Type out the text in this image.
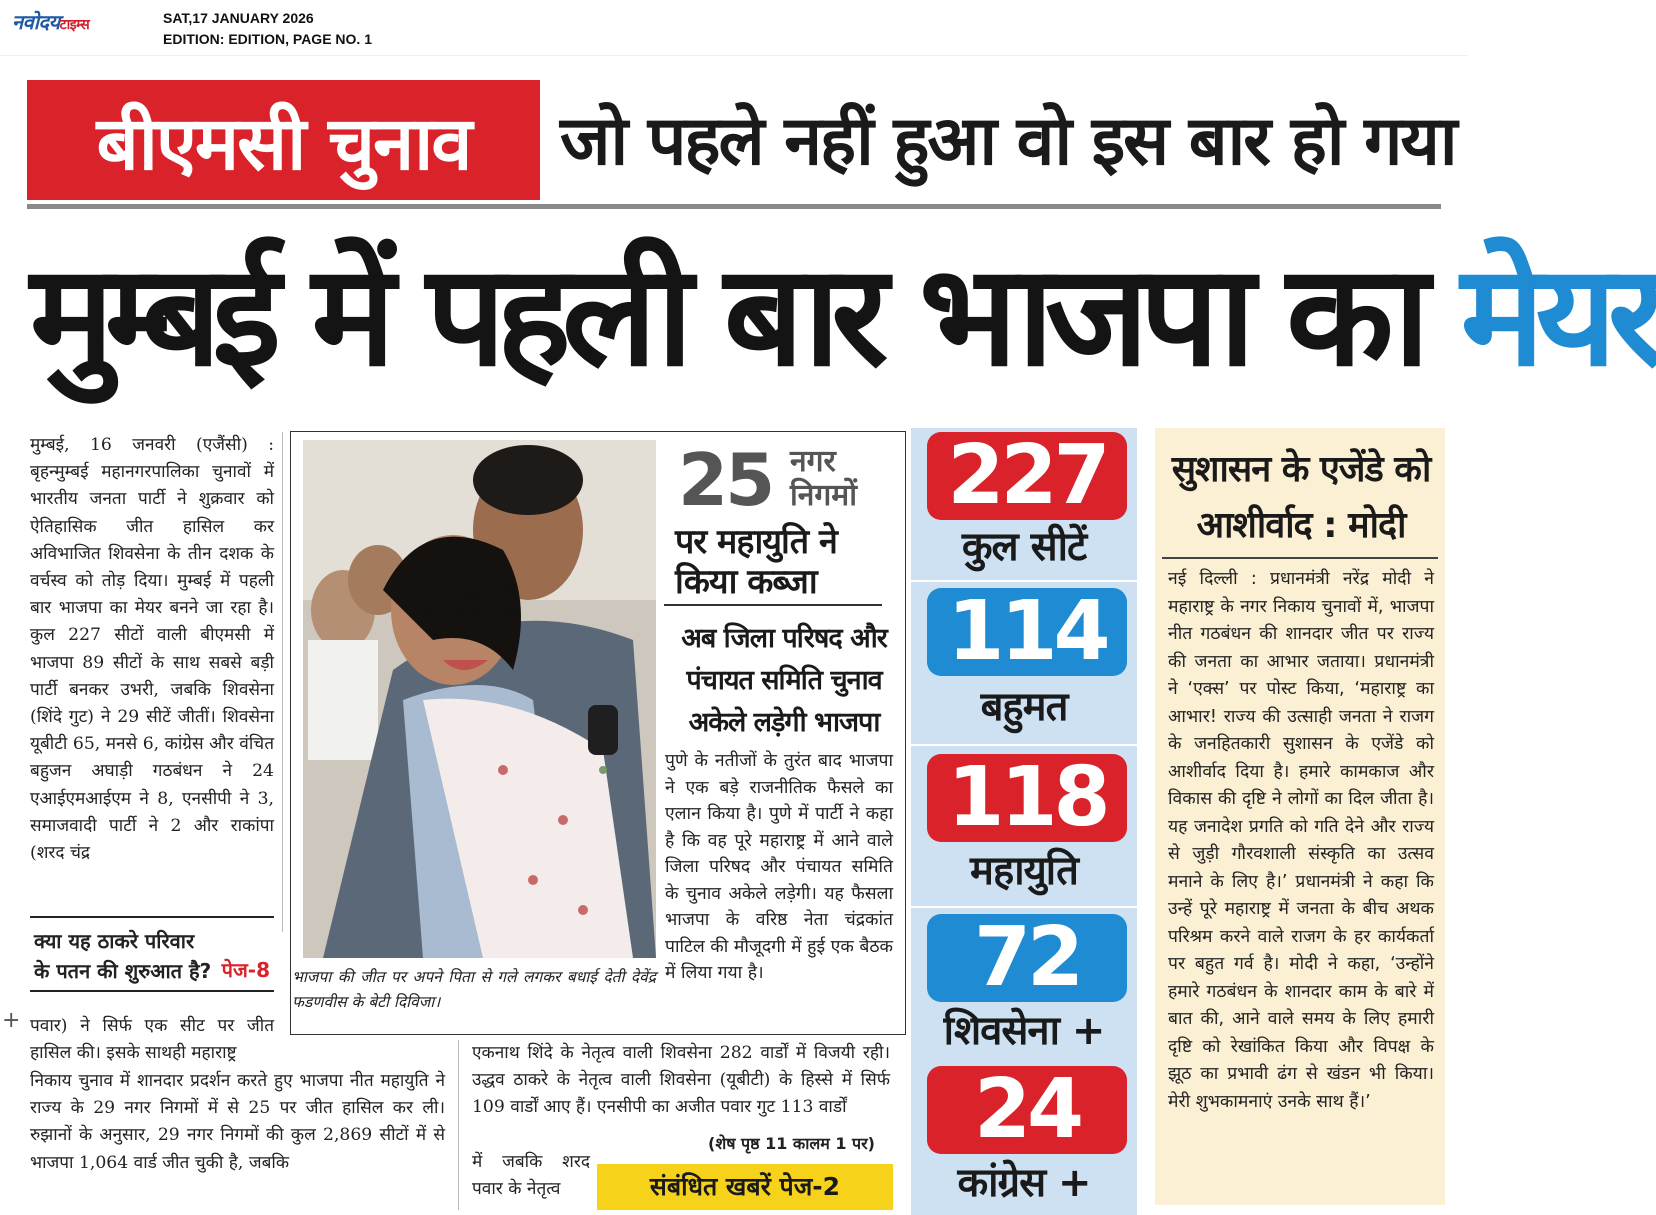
नवोदयटाइम्स	SAT,17 JANUARY 2026
EDITION: EDITION, PAGE NO. 1
बीएमसी चुनाव	जो पहले नहीं हुआ वो इस बार हो गया
मुम्बई में पहली बार भाजपा का मेयर
मुम्बई, 16 जनवरी (एजैंसी) : बृहन्मुम्बई महानगरपालिका चुनावों में भारतीय जनता पार्टी ने शुक्रवार को ऐतिहासिक जीत हासिल कर अविभाजित शिवसेना के तीन दशक के वर्चस्व को तोड़ दिया। मुम्बई में पहली बार भाजपा का मेयर बनने जा रहा है। कुल 227 सीटों वाली बीएमसी में भाजपा 89 सीटों के साथ सबसे बड़ी पार्टी बनकर उभरी, जबकि शिवसेना (शिंदे गुट) ने 29 सीटें जीतीं। शिवसेना यूबीटी 65, मनसे 6, कांग्रेस और वंचित बहुजन अघाड़ी गठबंधन ने 24 एआईएमआईएम ने 8, एनसीपी ने 3, समाजवादी पार्टी ने 2 और राकांपा (शरद चंद्र
क्या यह ठाकरे परिवार के पतन की शुरुआत है? पेज-8
+ पवार) ने सिर्फ एक सीट पर जीत हासिल की। इसके साथही महाराष्ट्र
निकाय चुनाव में शानदार प्रदर्शन करते हुए भाजपा नीत महायुति ने राज्य के 29 नगर निगमों में से 25 पर जीत हासिल कर ली। रुझानों के अनुसार, 29 नगर निगमों की कुल 2,869 सीटों में से भाजपा 1,064 वार्ड जीत चुकी है, जबकि
भाजपा की जीत पर अपने पिता से गले लगकर बधाई देती देवेंद्र फडणवीस के बेटी दिविजा।
25 नगर निगमों
पर महायुति ने किया कब्जा
अब जिला परिषद और पंचायत समिति चुनाव अकेले लड़ेगी भाजपा
पुणे के नतीजों के तुरंत बाद भाजपा ने एक बड़े राजनीतिक फैसले का एलान किया है। पुणे में पार्टी ने कहा है कि वह पूरे महाराष्ट्र में आने वाले जिला परिषद और पंचायत समिति के चुनाव अकेले लड़ेगी। यह फैसला भाजपा के वरिष्ठ नेता चंद्रकांत पाटिल की मौजूदगी में हुई एक बैठक में लिया गया है।
एकनाथ शिंदे के नेतृत्व वाली शिवसेना 282 वार्डों में विजयी रही। उद्धव ठाकरे के नेतृत्व वाली शिवसेना (यूबीटी) के हिस्से में सिर्फ 109 वार्डों आए हैं। एनसीपी का अजीत पवार गुट 113 वार्डों
में जबकि शरद पवार के नेतृत्व
(शेष पृष्ठ 11 कालम 1 पर)
संबंधित खबरें पेज-2
227
कुल सीटें
114
बहुमत
118
महायुति
72
शिवसेना +
24
कांग्रेस +
सुशासन के एजेंडे को आशीर्वाद : मोदी
नई दिल्ली : प्रधानमंत्री नरेंद्र मोदी ने महाराष्ट्र के नगर निकाय चुनावों में, भाजपा नीत गठबंधन की शानदार जीत पर राज्य की जनता का आभार जताया। प्रधानमंत्री ने ‘एक्स’ पर पोस्ट किया, ‘महाराष्ट्र का आभार! राज्य की उत्साही जनता ने राजग के जनहितकारी सुशासन के एजेंडे को आशीर्वाद दिया है। हमारे कामकाज और विकास की दृष्टि ने लोगों का दिल जीता है। यह जनादेश प्रगति को गति देने और राज्य से जुड़ी गौरवशाली संस्कृति का उत्सव मनाने के लिए है।’ प्रधानमंत्री ने कहा कि उन्हें पूरे महाराष्ट्र में जनता के बीच अथक परिश्रम करने वाले राजग के हर कार्यकर्ता पर बहुत गर्व है। मोदी ने कहा, ‘उन्होंने हमारे गठबंधन के शानदार काम के बारे में बात की, आने वाले समय के लिए हमारी दृष्टि को रेखांकित किया और विपक्ष के झूठ का प्रभावी ढंग से खंडन भी किया। मेरी शुभकामनाएं उनके साथ हैं।’
